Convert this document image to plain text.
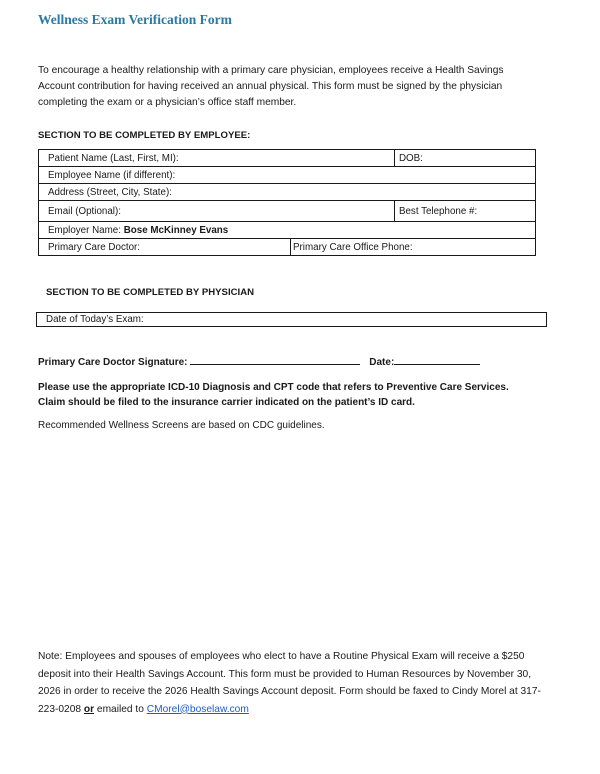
Wellness Exam Verification Form
To encourage a healthy relationship with a primary care physician, employees receive a Health Savings Account contribution for having received an annual physical. This form must be signed by the physician completing the exam or a physician’s office staff member.
SECTION TO BE COMPLETED BY EMPLOYEE:
Patient Name (Last, First, MI):		DOB:
Employee Name (if different):		
Address (Street, City, State):		
Email (Optional):		Best Telephone #:
Employer Name: Bose McKinney Evans		
Primary Care Doctor:	Primary Care Office Phone:	
SECTION TO BE COMPLETED BY PHYSICIAN
Date of Today’s Exam:
Primary Care Doctor Signature:	Date:
Please use the appropriate ICD-10 Diagnosis and CPT code that refers to Preventive Care Services. Claim should be filed to the insurance carrier indicated on the patient’s ID card.
Recommended Wellness Screens are based on CDC guidelines.
Note: Employees and spouses of employees who elect to have a Routine Physical Exam will receive a $250 deposit into their Health Savings Account. This form must be provided to Human Resources by November 30, 2026 in order to receive the 2026 Health Savings Account deposit. Form should be faxed to Cindy Morel at 317-223-0208 or emailed to CMorel@boselaw.com
